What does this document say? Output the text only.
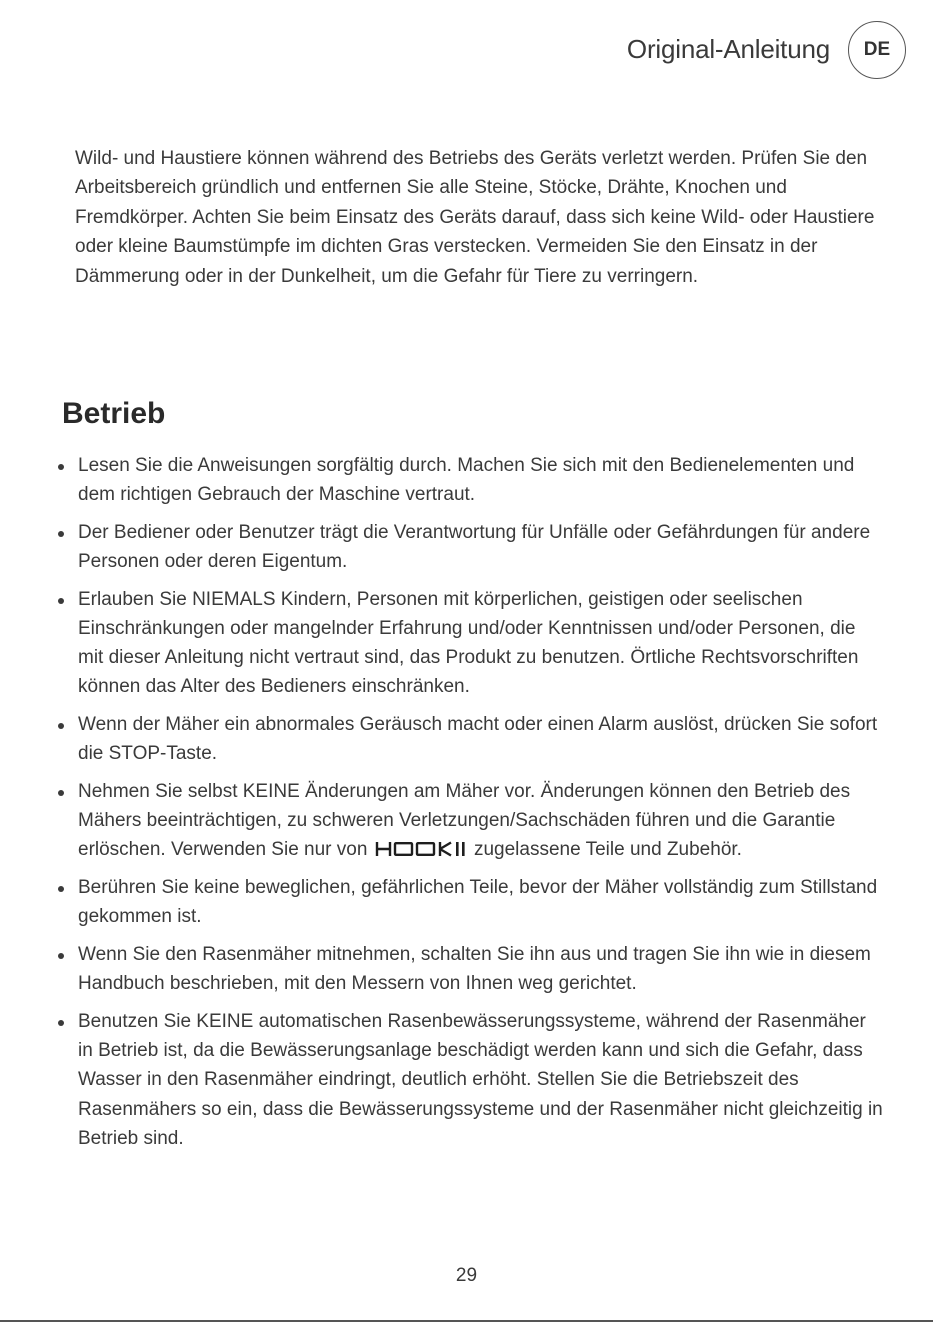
Original-Anleitung	DE

Wild- und Haustiere können während des Betriebs des Geräts verletzt werden. Prüfen Sie den Arbeitsbereich gründlich und entfernen Sie alle Steine, Stöcke, Drähte, Knochen und Fremdkörper. Achten Sie beim Einsatz des Geräts darauf, dass sich keine Wild- oder Haustiere oder kleine Baumstümpfe im dichten Gras verstecken. Vermeiden Sie den Einsatz in der Dämmerung oder in der Dunkelheit, um die Gefahr für Tiere zu verringern.

Betrieb
Lesen Sie die Anweisungen sorgfältig durch. Machen Sie sich mit den Bedienelementen und dem richtigen Gebrauch der Maschine vertraut.
Der Bediener oder Benutzer trägt die Verantwortung für Unfälle oder Gefährdungen für andere Personen oder deren Eigentum.
Erlauben Sie NIEMALS Kindern, Personen mit körperlichen, geistigen oder seelischen Einschränkungen oder mangelnder Erfahrung und/oder Kenntnissen und/oder Personen, die mit dieser Anleitung nicht vertraut sind, das Produkt zu benutzen. Örtliche Rechtsvorschriften können das Alter des Bedieners einschränken.
Wenn der Mäher ein abnormales Geräusch macht oder einen Alarm auslöst, drücken Sie sofort die STOP-Taste.
Nehmen Sie selbst KEINE Änderungen am Mäher vor. Änderungen können den Betrieb des Mähers beeinträchtigen, zu schweren Verletzungen/Sachschäden führen und die Garantie erlöschen. Verwenden Sie nur von	zugelassene Teile und Zubehör.
Berühren Sie keine beweglichen, gefährlichen Teile, bevor der Mäher vollständig zum Stillstand gekommen ist.
Wenn Sie den Rasenmäher mitnehmen, schalten Sie ihn aus und tragen Sie ihn wie in diesem Handbuch beschrieben, mit den Messern von Ihnen weg gerichtet.
Benutzen Sie KEINE automatischen Rasenbewässerungssysteme, während der Rasenmäher in Betrieb ist, da die Bewässerungsanlage beschädigt werden kann und sich die Gefahr, dass Wasser in den Rasenmäher eindringt, deutlich erhöht. Stellen Sie die Betriebszeit des Rasenmähers so ein, dass die Bewässerungssysteme und der Rasenmäher nicht gleichzeitig in Betrieb sind.
29
